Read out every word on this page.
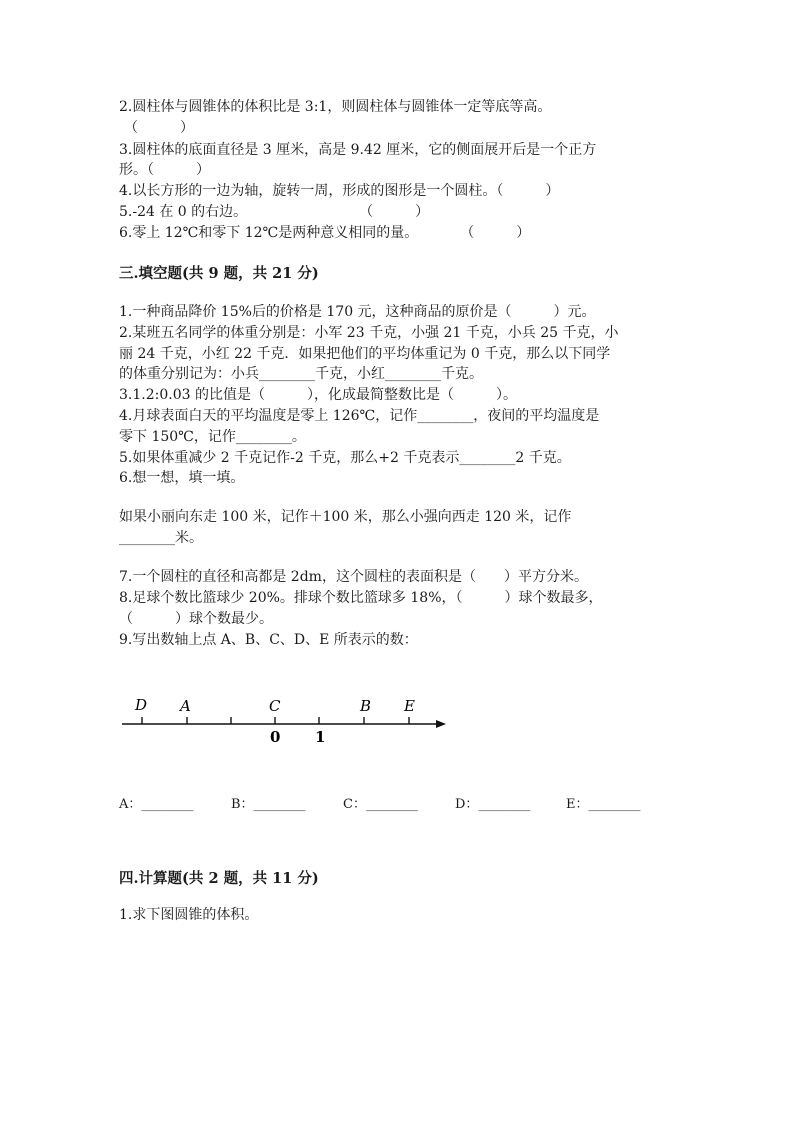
2.圆柱体与圆锥体的体积比是 3:1，则圆柱体与圆锥体一定等底等高。
（　　　）
3.圆柱体的底面直径是 3 厘米，高是 9.42 厘米，它的侧面展开后是一个正方
形。（　　　）
4.以长方形的一边为轴，旋转一周，形成的图形是一个圆柱。（　　　）
5.-24 在 0 的右边。　　　　　　　　　（　　　）
6.零上 12℃和零下 12℃是两种意义相同的量。　　　　（　　　）
三.填空题(共 9 题，共 21 分)
1.一种商品降价 15%后的价格是 170 元，这种商品的原价是（　　　）元。
2.某班五名同学的体重分别是：小军 23 千克，小强 21 千克，小兵 25 千克，小
丽 24 千克，小红 22 千克．如果把他们的平均体重记为 0 千克，那么以下同学
的体重分别记为：小兵________千克，小红________千克。
3.1.2:0.03 的比值是（　　　），化成最简整数比是（　　　）。
4.月球表面白天的平均温度是零上 126℃，记作________，夜间的平均温度是
零下 150℃，记作________。
5.如果体重减少 2 千克记作-2 千克，那么+2 千克表示________2 千克。
6.想一想，填一填。
如果小丽向东走 100 米，记作＋100 米，那么小强向西走 120 米，记作
________米。
7.一个圆柱的直径和高都是 2dm，这个圆柱的表面积是（　　）平方分米。
8.足球个数比篮球少 20%。排球个数比篮球多 18%，（　　　）球个数最多，
（　　　）球个数最少。
9.写出数轴上点 A、B、C、D、E 所表示的数：
D A	C	B E
0 1
A：________	B：________	C：________	D：________	E：________
四.计算题(共 2 题，共 11 分)
1.求下图圆锥的体积。
